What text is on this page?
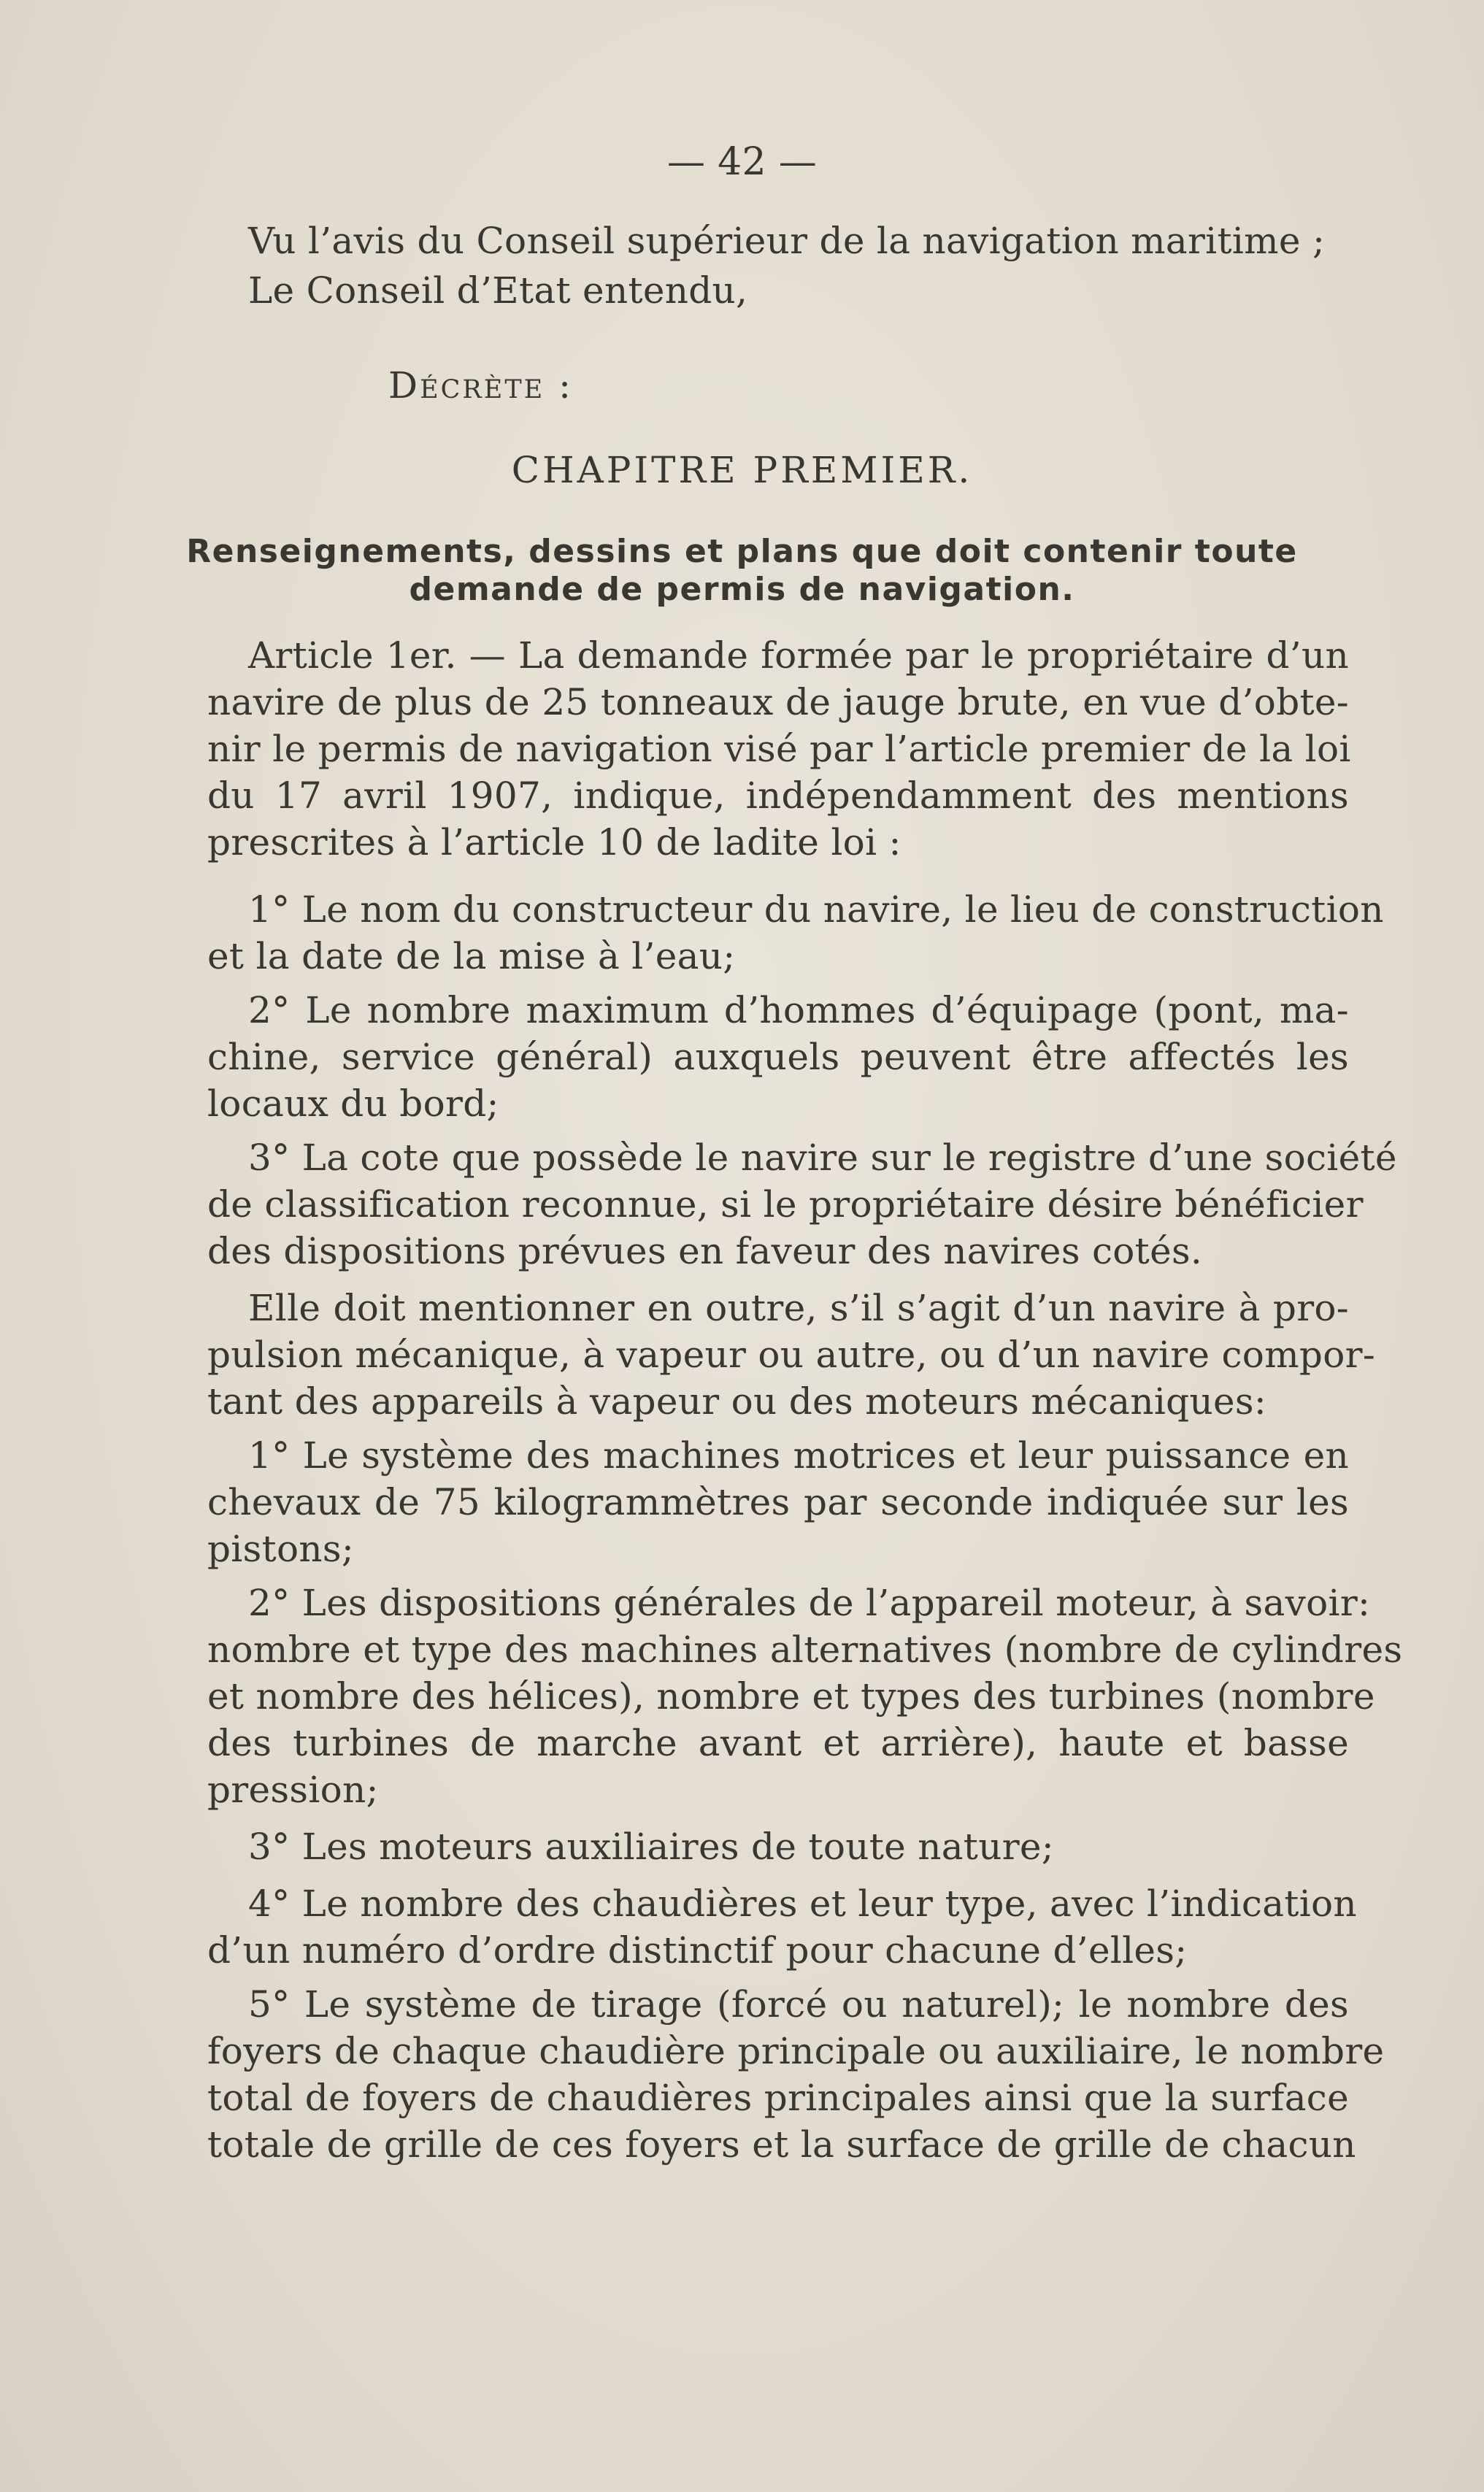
— 42 —
Vu l’avis du Conseil supérieur de la navigation maritime ;
Le Conseil d’Etat entendu,
Décrète :
CHAPITRE PREMIER.
Renseignements, dessins et plans que doit contenir toute
demande de permis de navigation.
Article 1er. — La demande formée par le propriétaire d’un
navire de plus de 25 tonneaux de jauge brute, en vue d’obte-
nir le permis de navigation visé par l’article premier de la loi
du 17 avril 1907, indique, indépendamment des mentions
prescrites à l’article 10 de ladite loi :
1° Le nom du constructeur du navire, le lieu de construction
et la date de la mise à l’eau;
2° Le nombre maximum d’hommes d’équipage (pont, ma-
chine, service général) auxquels peuvent être affectés les
locaux du bord;
3° La cote que possède le navire sur le registre d’une société
de classification reconnue, si le propriétaire désire bénéficier
des dispositions prévues en faveur des navires cotés.
Elle doit mentionner en outre, s’il s’agit d’un navire à pro-
pulsion mécanique, à vapeur ou autre, ou d’un navire compor-
tant des appareils à vapeur ou des moteurs mécaniques:
1° Le système des machines motrices et leur puissance en
chevaux de 75 kilogrammètres par seconde indiquée sur les
pistons;
2° Les dispositions générales de l’appareil moteur, à savoir:
nombre et type des machines alternatives (nombre de cylindres
et nombre des hélices), nombre et types des turbines (nombre
des turbines de marche avant et arrière), haute et basse
pression;
3° Les moteurs auxiliaires de toute nature;
4° Le nombre des chaudières et leur type, avec l’indication
d’un numéro d’ordre distinctif pour chacune d’elles;
5° Le système de tirage (forcé ou naturel); le nombre des
foyers de chaque chaudière principale ou auxiliaire, le nombre
total de foyers de chaudières principales ainsi que la surface
totale de grille de ces foyers et la surface de grille de chacun
